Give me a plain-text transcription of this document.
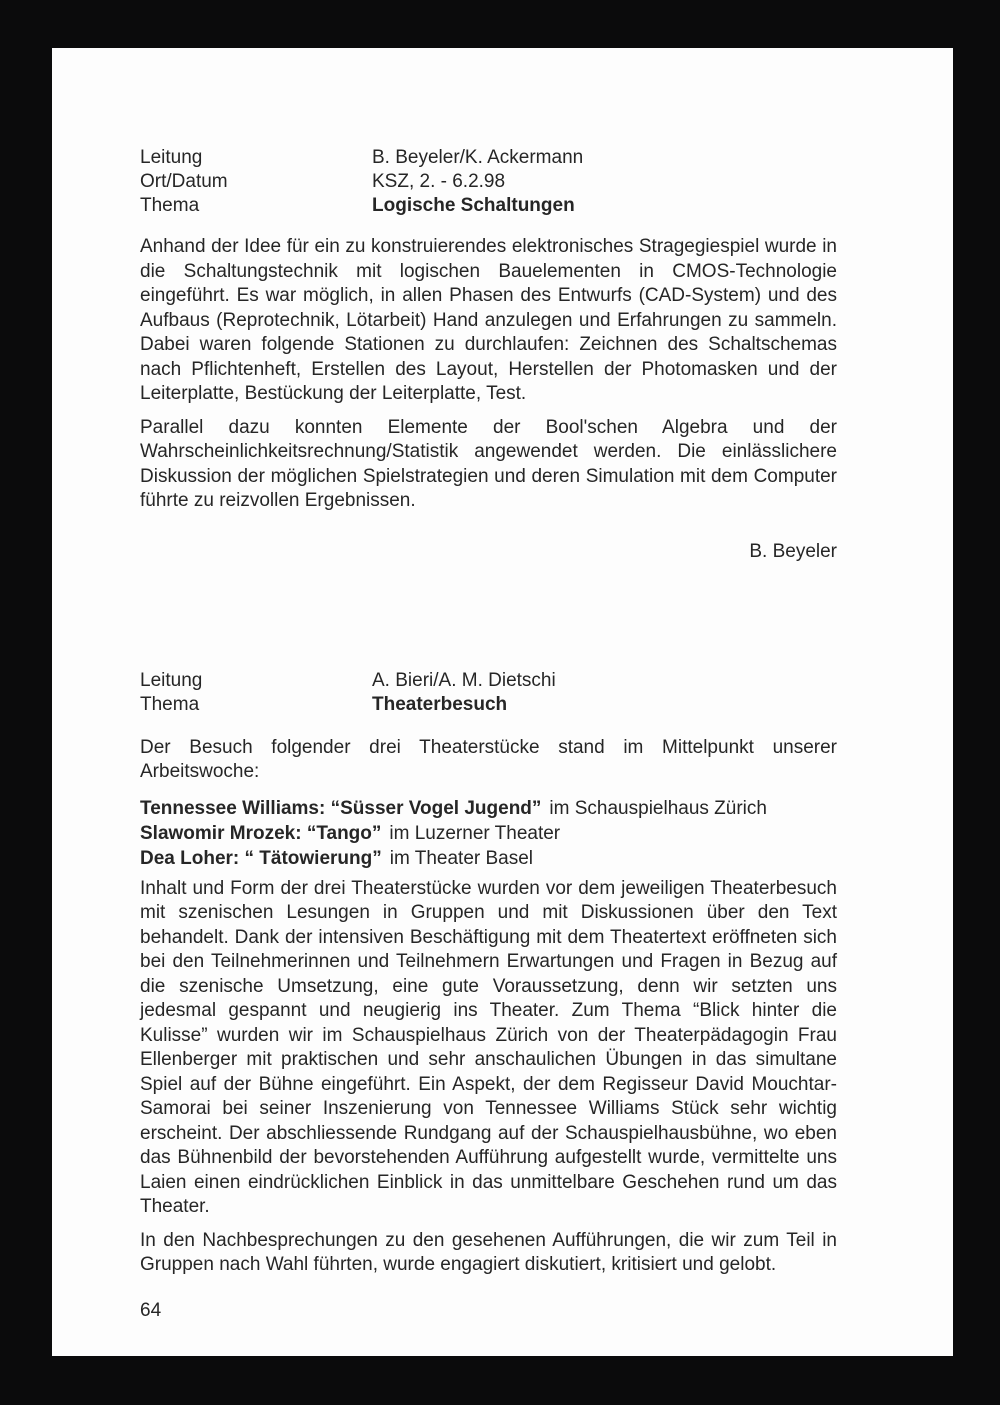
Leitung	B. Beyeler/K. Ackermann
Ort/Datum	KSZ, 2. - 6.2.98
Thema	Logische Schaltungen

Anhand der Idee für ein zu konstruierendes elektronisches Stragegiespiel wurde in die Schaltungstechnik mit logischen Bauelementen in CMOS-Technologie eingeführt. Es war möglich, in allen Phasen des Entwurfs (CAD-System) und des Aufbaus (Reprotechnik, Lötarbeit) Hand anzulegen und Erfahrungen zu sammeln. Dabei waren folgende Stationen zu durchlaufen: Zeichnen des Schaltschemas nach Pflichtenheft, Erstellen des Layout, Herstellen der Photomasken und der Leiterplatte, Bestückung der Leiterplatte, Test.

Parallel dazu konnten Elemente der Bool'schen Algebra und der Wahrscheinlichkeitsrechnung/Statistik angewendet werden. Die einlässlichere Diskussion der möglichen Spielstrategien und deren Simulation mit dem Computer führte zu reizvollen Ergebnissen.

B. Beyeler
Leitung	A. Bieri/A. M. Dietschi
Thema	Theaterbesuch

Der Besuch folgender drei Theaterstücke stand im Mittelpunkt unserer Arbeitswoche:

Tennessee Williams: “Süsser Vogel Jugend” im Schauspielhaus Zürich
Slawomir Mrozek: “Tango” im Luzerner Theater
Dea Loher: “ Tätowierung” im Theater Basel

Inhalt und Form der drei Theaterstücke wurden vor dem jeweiligen Theaterbesuch mit szenischen Lesungen in Gruppen und mit Diskussionen über den Text behandelt. Dank der intensiven Beschäftigung mit dem Theatertext eröffneten sich bei den Teilnehmerinnen und Teilnehmern Erwartungen und Fragen in Bezug auf die szenische Umsetzung, eine gute Voraussetzung, denn wir setzten uns jedesmal gespannt und neugierig ins Theater. Zum Thema “Blick hinter die Kulisse” wurden wir im Schauspielhaus Zürich von der Theaterpädagogin Frau Ellenberger mit praktischen und sehr anschaulichen Übungen in das simultane Spiel auf der Bühne eingeführt. Ein Aspekt, der dem Regisseur David Mouchtar-Samorai bei seiner Inszenierung von Tennessee Williams Stück sehr wichtig erscheint. Der abschliessende Rundgang auf der Schauspielhausbühne, wo eben das Bühnenbild der bevorstehenden Aufführung aufgestellt wurde, vermittelte uns Laien einen eindrücklichen Einblick in das unmittelbare Geschehen rund um das Theater.

In den Nachbesprechungen zu den gesehenen Aufführungen, die wir zum Teil in Gruppen nach Wahl führten, wurde engagiert diskutiert, kritisiert und gelobt.

64
